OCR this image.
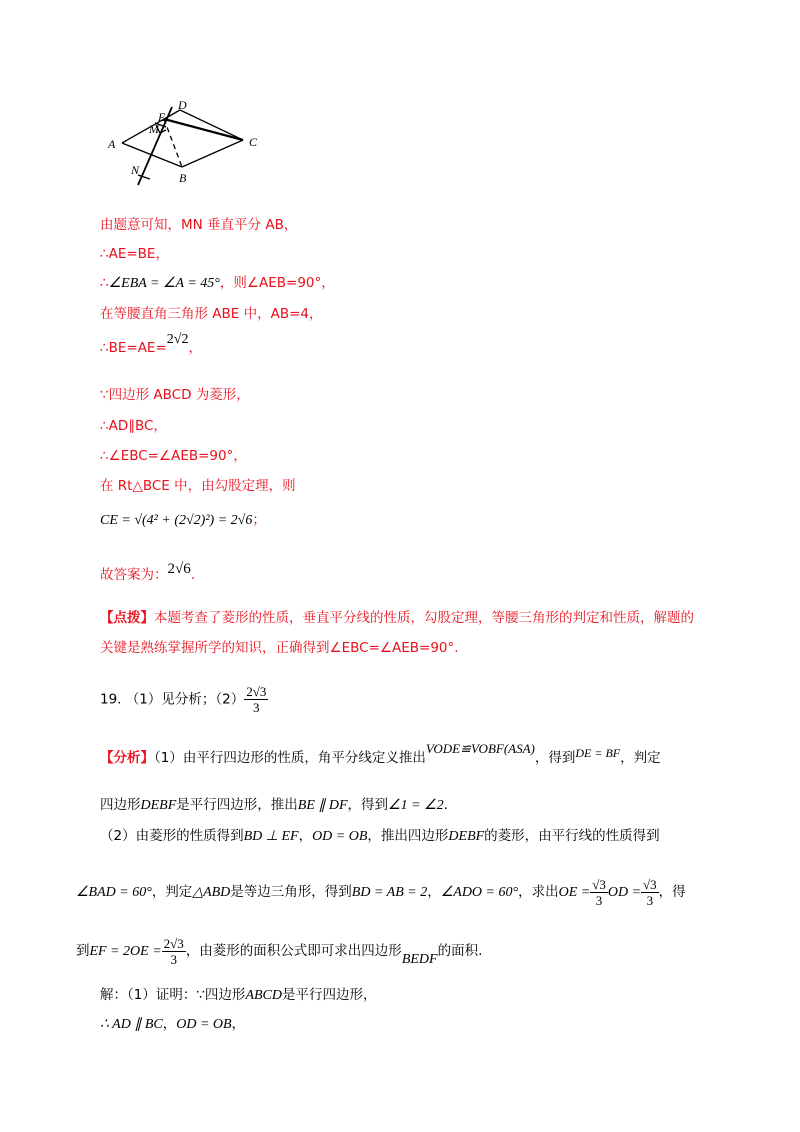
A
B
C
D
E
M
N
由题意可知，MN 垂直平分 AB，
∴AE=BE，
∴∠EBA = ∠A = 45°，则∠AEB=90°，
在等腰直角三角形 ABE 中，AB=4，
∴BE=AE=2√2，
∵四边形 ABCD 为菱形，
∴AD∥BC，
∴∠EBC=∠AEB=90°，
在 Rt△BCE 中，由勾股定理，则
CE = √(4² + (2√2)²) = 2√6；
故答案为：2√6.
【点拨】本题考查了菱形的性质，垂直平分线的性质，勾股定理，等腰三角形的判定和性质，解题的
关键是熟练掌握所学的知识，正确得到∠EBC=∠AEB=90°.
19. （1）见分析；$(2) \frac{2√3}{3}$
【分析】（1）由平行四边形的性质，角平分线定义推出VODE≌VOBF(ASA)，得到DE = BF，判定
四边形DEBF是平行四边形，推出BE ∥ DF，得到∠1 = ∠2.
（2）由菱形的性质得到BD ⊥ EF，OD = OB，推出四边形DEBF的菱形，由平行线的性质得到
∠BAD = 60°，判定△ABD是等边三角形，得到BD = AB = 2，∠ADO = 60°，求出OE = $\frac{√3}{3}$ OD = $\frac{√3}{3}$ ，得
到EF = $2OE = \frac{2√3}{3}$ ，由菱形的面积公式即可求出四边形BEDF的面积.
解：（1）证明：∵四边形ABCD是平行四边形，
∴ AD ∥ BC，OD = OB，
